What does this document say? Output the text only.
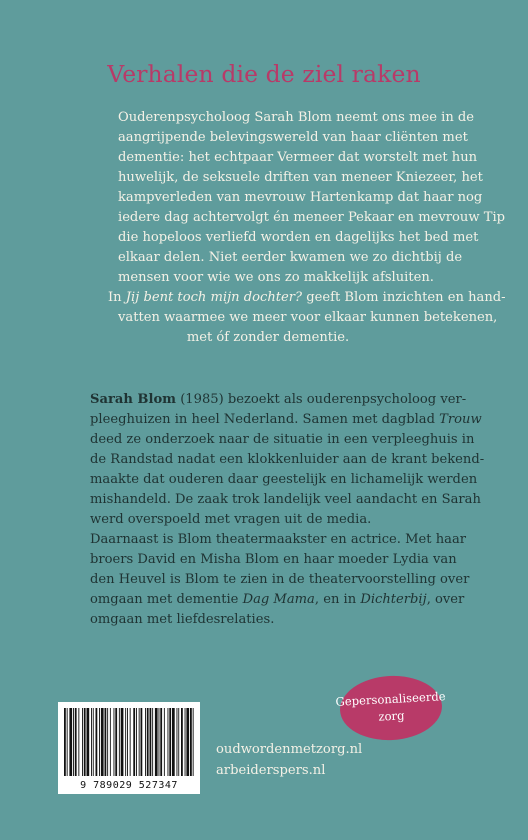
Verhalen die de ziel raken
Ouderenpsycholoog Sarah Blom neemt ons mee in de
aangrijpende belevingswereld van haar cliënten met
dementie: het echtpaar Vermeer dat worstelt met hun
huwelijk, de seksuele driften van meneer Kniezeer, het
kampverleden van mevrouw Hartenkamp dat haar nog
iedere dag achtervolgt én meneer Pekaar en mevrouw Tip
die hopeloos verliefd worden en dagelijks het bed met
elkaar delen. Niet eerder kwamen we zo dichtbij de
mensen voor wie we ons zo makkelijk afsluiten.
In Jij bent toch mijn dochter? geeft Blom inzichten en hand-
vatten waarmee we meer voor elkaar kunnen betekenen,
met óf zonder dementie.
Sarah Blom (1985) bezoekt als ouderenpsycholoog ver-
pleeghuizen in heel Nederland. Samen met dagblad Trouw
deed ze onderzoek naar de situatie in een verpleeghuis in
de Randstad nadat een klokkenluider aan de krant bekend-
maakte dat ouderen daar geestelijk en lichamelijk werden
mishandeld. De zaak trok landelijk veel aandacht en Sarah
werd overspoeld met vragen uit de media.
Daarnaast is Blom theatermaakster en actrice. Met haar
broers David en Misha Blom en haar moeder Lydia van
den Heuvel is Blom te zien in de theatervoorstelling over
omgaan met dementie Dag Mama, en in Dichterbij, over
omgaan met liefdesrelaties.
Gepersonaliseerde
zorg
9 789029 527347
oudwordenmetzorg.nl
arbeiderspers.nl
